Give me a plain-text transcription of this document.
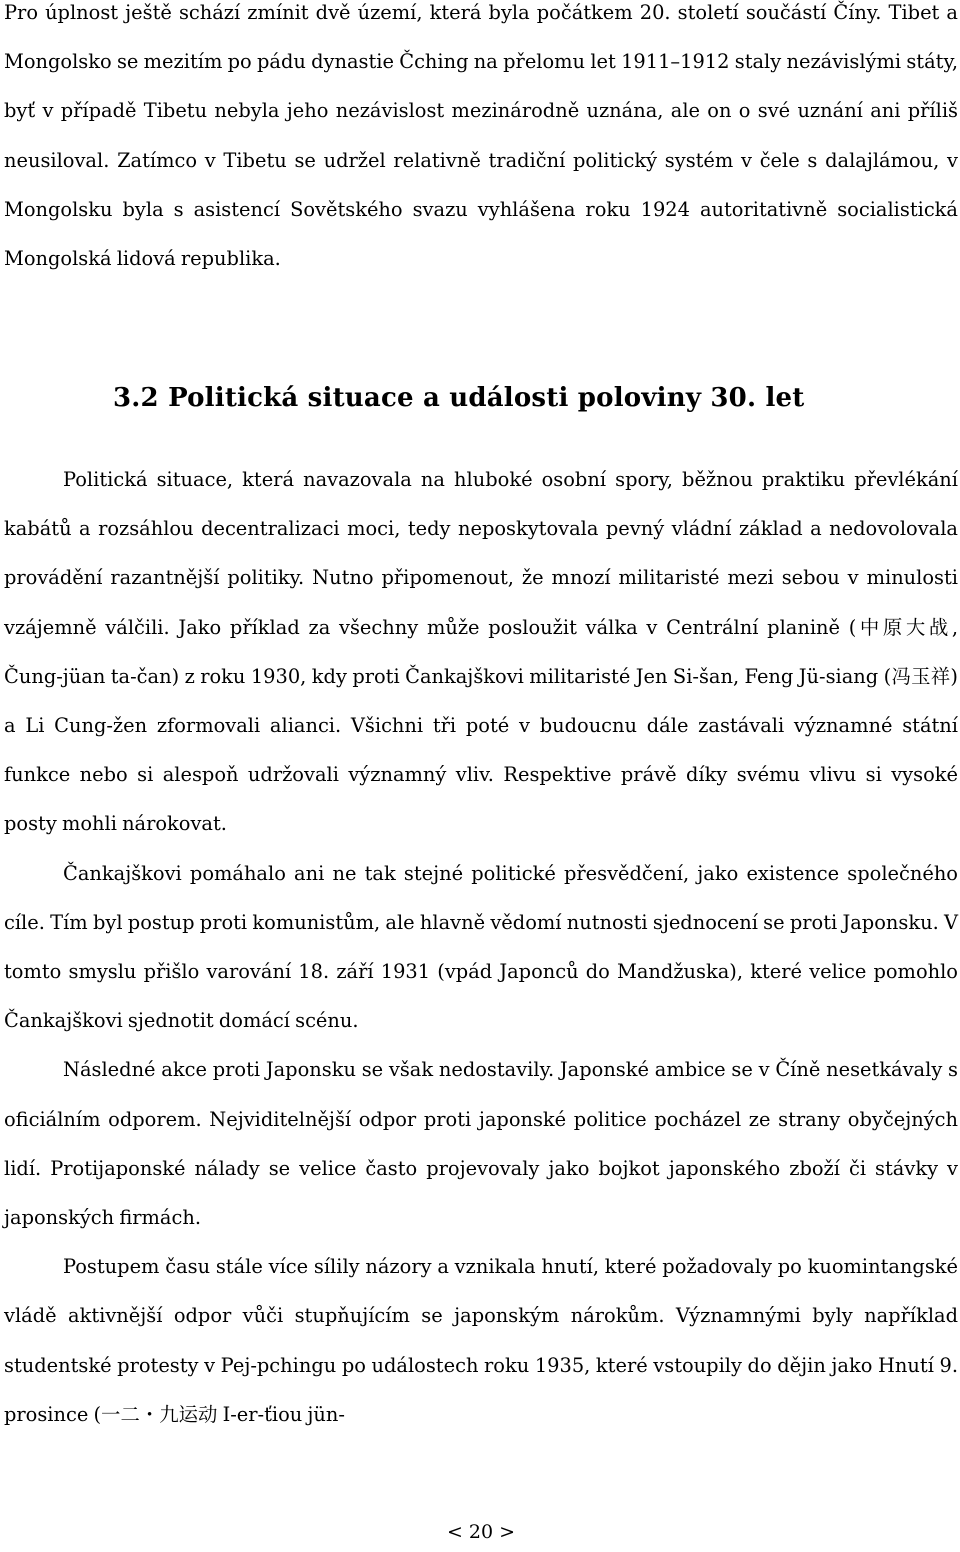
Pro úplnost ještě schází zmínit dvě území, která byla počátkem 20. století součástí Číny. Tibet a Mongolsko se mezitím po pádu dynastie Čching na přelomu let 1911–1912 staly nezávislými státy, byť v případě Tibetu nebyla jeho nezávislost mezinárodně uznána, ale on o své uznání ani příliš neusiloval. Zatímco v Tibetu se udržel relativně tradiční politický systém v čele s dalajlámou, v Mongolsku byla s asistencí Sovětského svazu vyhlášena roku 1924 autoritativně socialistická Mongolská lidová republika.

3.2 Politická situace a události poloviny 30. let

Politická situace, která navazovala na hluboké osobní spory, běžnou praktiku převlékání kabátů a rozsáhlou decentralizaci moci, tedy neposkytovala pevný vládní základ a nedovolovala provádění razantnější politiky. Nutno připomenout, že mnozí militaristé mezi sebou v minulosti vzájemně válčili. Jako příklad za všechny může posloužit válka v Centrální planině (中原大战, Čung-jüan ta-čan) z roku 1930, kdy proti Čankajškovi militaristé Jen Si-šan, Feng Jü-siang (冯玉祥) a Li Cung-žen zformovali alianci. Všichni tři poté v budoucnu dále zastávali významné státní funkce nebo si alespoň udržovali významný vliv. Respektive právě díky svému vlivu si vysoké posty mohli nárokovat.

Čankajškovi pomáhalo ani ne tak stejné politické přesvědčení, jako existence společného cíle. Tím byl postup proti komunistům, ale hlavně vědomí nutnosti sjednocení se proti Japonsku. V tomto smyslu přišlo varování 18. září 1931 (vpád Japonců do Mandžuska), které velice pomohlo Čankajškovi sjednotit domácí scénu.

Následné akce proti Japonsku se však nedostavily. Japonské ambice se v Číně nesetkávaly s oficiálním odporem. Nejviditelnější odpor proti japonské politice pocházel ze strany obyčejných lidí. Protijaponské nálady se velice často projevovaly jako bojkot japonského zboží či stávky v japonských firmách.

Postupem času stále více sílily názory a vznikala hnutí, které požadovaly po kuomintangské vládě aktivnější odpor vůči stupňujícím se japonským nárokům. Významnými byly například studentské protesty v Pej-pchingu po událostech roku 1935, které vstoupily do dějin jako Hnutí 9. prosince (一二・九运动 I-er-ťiou jün-

< 20 >
